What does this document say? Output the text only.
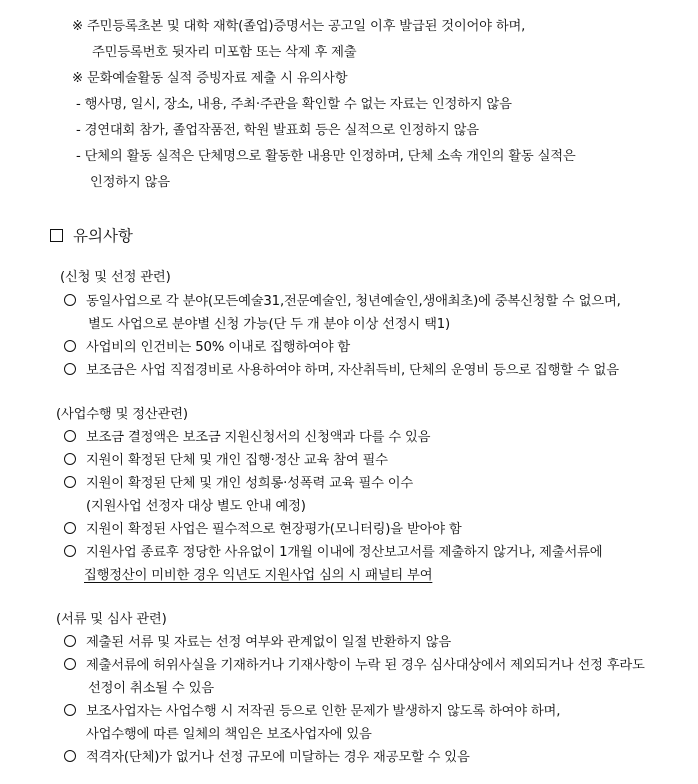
※ 주민등록초본 및 대학 재학(졸업)증명서는 공고일 이후 발급된 것이어야 하며,
주민등록번호 뒷자리 미포함 또는 삭제 후 제출
※ 문화예술활동 실적 증빙자료 제출 시 유의사항
- 행사명, 일시, 장소, 내용, 주최·주관을 확인할 수 없는 자료는 인정하지 않음
- 경연대회 참가, 졸업작품전, 학원 발표회 등은 실적으로 인정하지 않음
- 단체의 활동 실적은 단체명으로 활동한 내용만 인정하며, 단체 소속 개인의 활동 실적은
인정하지 않음
유의사항
(신청 및 선정 관련)
동일사업으로 각 분야(모든예술31,전문예술인, 청년예술인,생애최초)에 중복신청할 수 없으며,
별도 사업으로 분야별 신청 가능(단 두 개 분야 이상 선정시 택1)
사업비의 인건비는 50% 이내로 집행하여야 함
보조금은 사업 직접경비로 사용하여야 하며, 자산취득비, 단체의 운영비 등으로 집행할 수 없음
(사업수행 및 정산관련)
보조금 결정액은 보조금 지원신청서의 신청액과 다를 수 있음
지원이 확정된 단체 및 개인 집행·정산 교육 참여 필수
지원이 확정된 단체 및 개인 성희롱·성폭력 교육 필수 이수
(지원사업 선정자 대상 별도 안내 예정)
지원이 확정된 사업은 필수적으로 현장평가(모니터링)을 받아야 함
지원사업 종료후 정당한 사유없이 1개월 이내에 정산보고서를 제출하지 않거나, 제출서류에
집행정산이 미비한 경우 익년도 지원사업 심의 시 패널티 부여
(서류 및 심사 관련)
제출된 서류 및 자료는 선정 여부와 관계없이 일절 반환하지 않음
제출서류에 허위사실을 기재하거나 기재사항이 누락 된 경우 심사대상에서 제외되거나 선정 후라도
선정이 취소될 수 있음
보조사업자는 사업수행 시 저작권 등으로 인한 문제가 발생하지 않도록 하여야 하며,
사업수행에 따른 일체의 책임은 보조사업자에 있음
적격자(단체)가 없거나 선정 규모에 미달하는 경우 재공모할 수 있음
